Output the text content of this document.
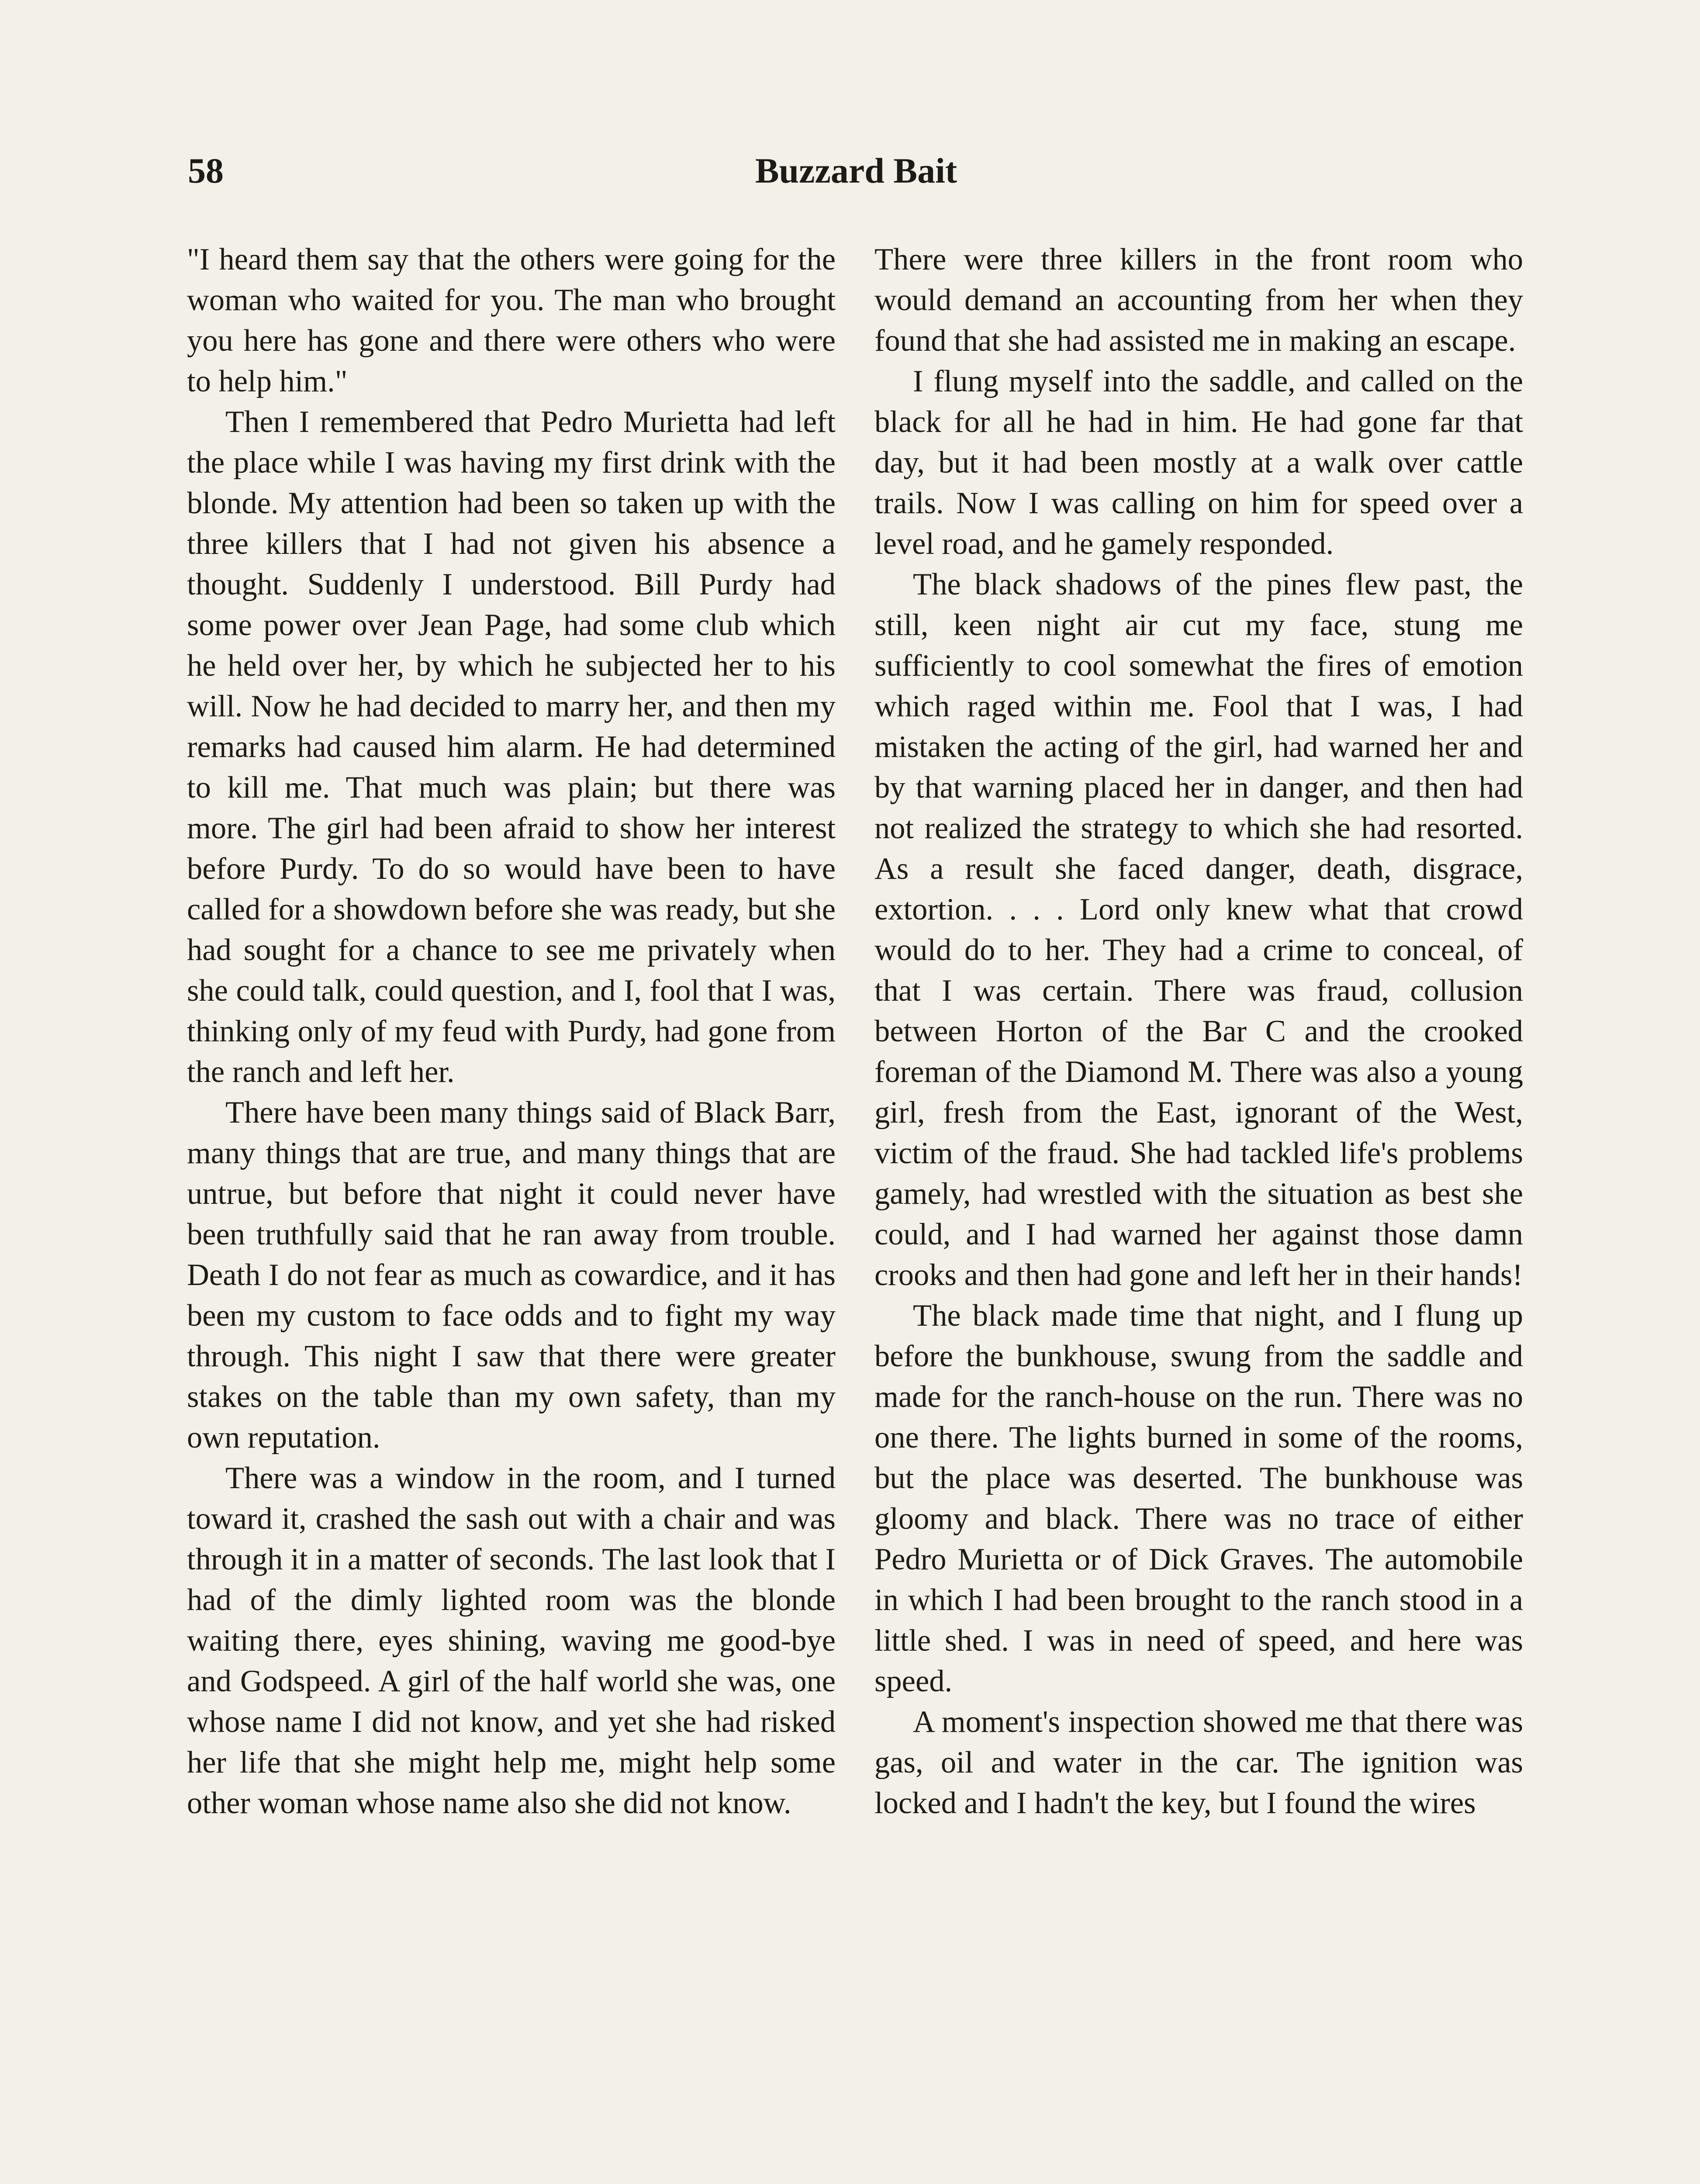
58	Buzzard Bait

"I heard them say that the others were going for the woman who waited for you. The man who brought you here has gone and there were others who were to help him."

Then I remembered that Pedro Murietta had left the place while I was having my first drink with the blonde. My attention had been so taken up with the three killers that I had not given his absence a thought. Suddenly I understood. Bill Purdy had some power over Jean Page, had some club which he held over her, by which he subjected her to his will. Now he had decided to marry her, and then my remarks had caused him alarm. He had determined to kill me. That much was plain; but there was more. The girl had been afraid to show her interest before Purdy. To do so would have been to have called for a showdown before she was ready, but she had sought for a chance to see me privately when she could talk, could question, and I, fool that I was, thinking only of my feud with Purdy, had gone from the ranch and left her.

There have been many things said of Black Barr, many things that are true, and many things that are untrue, but before that night it could never have been truthfully said that he ran away from trouble. Death I do not fear as much as cowardice, and it has been my custom to face odds and to fight my way through. This night I saw that there were greater stakes on the table than my own safety, than my own reputation.

There was a window in the room, and I turned toward it, crashed the sash out with a chair and was through it in a matter of seconds. The last look that I had of the dimly lighted room was the blonde waiting there, eyes shining, waving me good-bye and Godspeed. A girl of the half world she was, one whose name I did not know, and yet she had risked her life that she might help me, might help some other woman whose name also she did not know.

There were three killers in the front room who would demand an accounting from her when they found that she had assisted me in making an escape.

I flung myself into the saddle, and called on the black for all he had in him. He had gone far that day, but it had been mostly at a walk over cattle trails. Now I was calling on him for speed over a level road, and he gamely responded.

The black shadows of the pines flew past, the still, keen night air cut my face, stung me sufficiently to cool somewhat the fires of emotion which raged within me. Fool that I was, I had mistaken the acting of the girl, had warned her and by that warning placed her in danger, and then had not realized the strategy to which she had resorted. As a result she faced danger, death, disgrace, extortion. . . . Lord only knew what that crowd would do to her. They had a crime to conceal, of that I was certain. There was fraud, collusion between Horton of the Bar C and the crooked foreman of the Diamond M. There was also a young girl, fresh from the East, ignorant of the West, victim of the fraud. She had tackled life's problems gamely, had wrestled with the situation as best she could, and I had warned her against those damn crooks and then had gone and left her in their hands!

The black made time that night, and I flung up before the bunkhouse, swung from the saddle and made for the ranch-house on the run. There was no one there. The lights burned in some of the rooms, but the place was deserted. The bunkhouse was gloomy and black. There was no trace of either Pedro Murietta or of Dick Graves. The automobile in which I had been brought to the ranch stood in a little shed. I was in need of speed, and here was speed.

A moment's inspection showed me that there was gas, oil and water in the car. The ignition was locked and I hadn't the key, but I found the wires
